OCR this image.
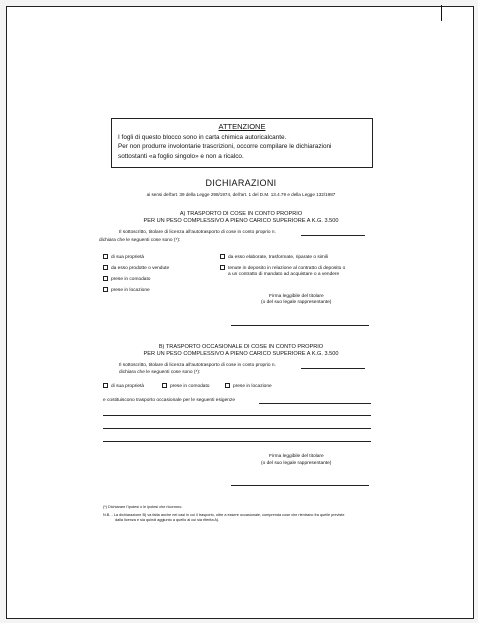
ATTENZIONE

I fogli di questo blocco sono in carta chimica autoricalcante.

Per non produrre involontarie trascrizioni, occorre compilare le dichiarazioni

sottostanti «a foglio singolo» e non a ricalco.

DICHIARAZIONI
ai sensi dell'art. 39 della Legge 298/1974, dell'art. 1 del D.M. 13.4.79 e della Legge 132/1987
A) TRASPORTO DI COSE IN CONTO PROPRIO
PER UN PESO COMPLESSIVO A PIENO CARICO SUPERIORE A K.G. 3.500
Il sottoscritto, titolare di licenza all'autotrasporto di cose in conto proprio n.
dichiara che le seguenti cose sono (*):
di sua proprietà
da esso prodotte o vendute
prese in comodato
prese in locazione
da esso elaborate, trasformate, riparate o simili
tenute in deposito in relazione al contratto di deposito o
a un contratto di mandato ad acquistare o a vendere
Firma leggibile del titolare
(o del suo legale rappresentante)
B) TRASPORTO OCCASIONALE DI COSE IN CONTO PROPRIO
PER UN PESO COMPLESSIVO A PIENO CARICO SUPERIORE A K.G. 3.500
Il sottoscritto, titolare di licenza all'autotrasporto di cose in conto proprio n.
dichiara che le seguenti cose sono (*):
di sua proprietà	prese in comodato	prese in locazione
e costituiscono trasporto occasionale per le seguenti esigenze
Firma leggibile del titolare
(o del suo legale rappresentante)
(*) Dichiarare l'ipotesi o le ipotesi che ricorrono.
N.B. - La dichiarazione B) va fatta anche nei casi in cui il trasporto, oltre a essere occasionale, comprenda cose che rientrano fra quelle previste
dalla licenza e sia quindi aggiunto a quello al cui sia riferita A).
